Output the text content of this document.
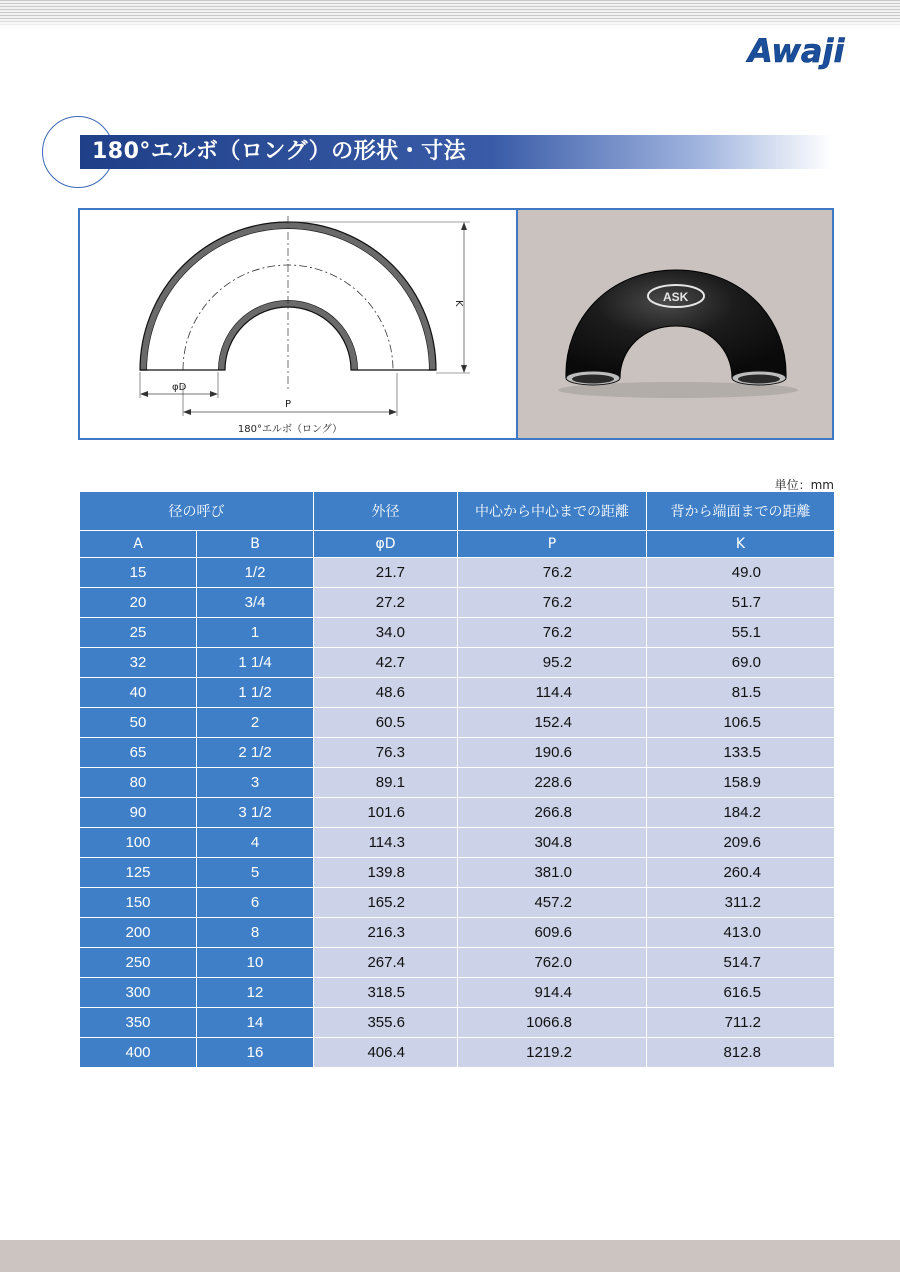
Awaji
180°エルボ（ロング）の形状・寸法
K
φD
P
180°エルボ（ロング）
ASK
単位：mm
径の呼び		外径	中心から中心までの距離	背から端面までの距離
A	B	φD	P	K
15	1/2	21.7	76.2	49.0
20	3/4	27.2	76.2	51.7
25	1	34.0	76.2	55.1
32	1 1/4	42.7	95.2	69.0
40	1 1/2	48.6	114.4	81.5
50	2	60.5	152.4	106.5
65	2 1/2	76.3	190.6	133.5
80	3	89.1	228.6	158.9
90	3 1/2	101.6	266.8	184.2
100	4	114.3	304.8	209.6
125	5	139.8	381.0	260.4
150	6	165.2	457.2	311.2
200	8	216.3	609.6	413.0
250	10	267.4	762.0	514.7
300	12	318.5	914.4	616.5
350	14	355.6	1066.8	711.2
400	16	406.4	1219.2	812.8
